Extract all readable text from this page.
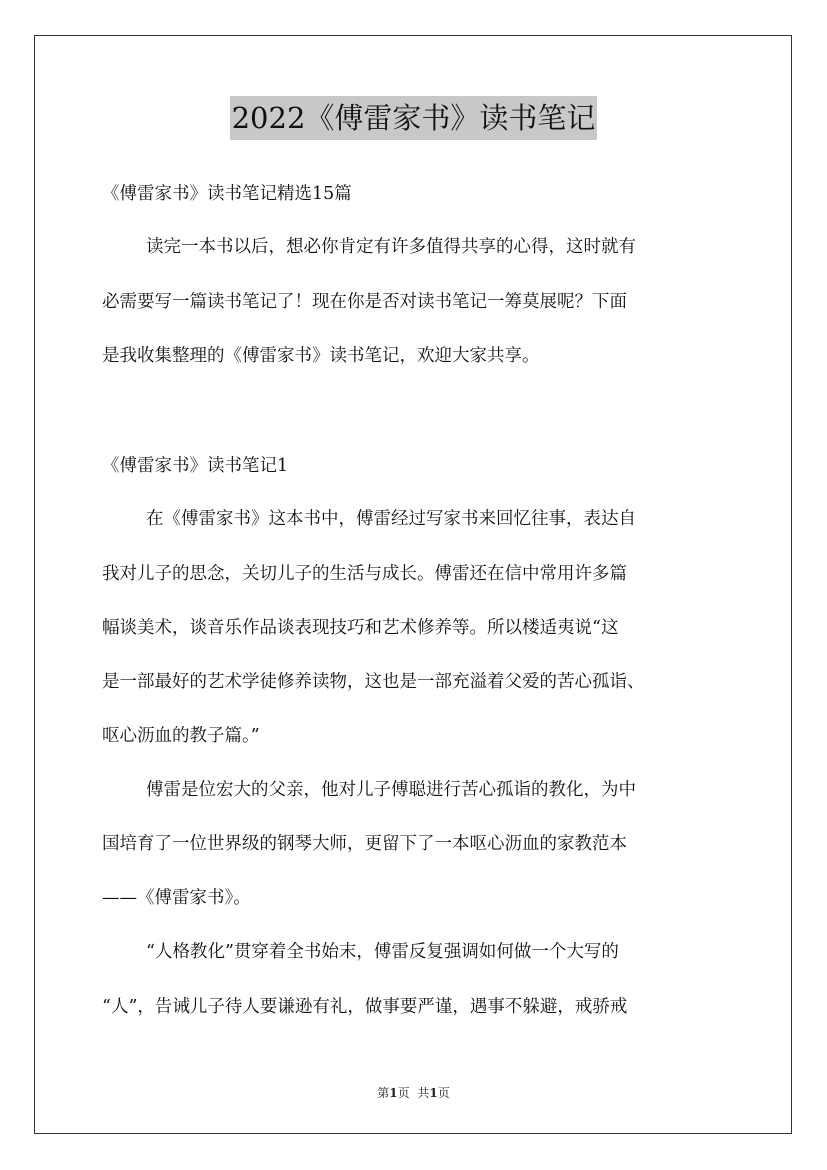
2022《傅雷家书》读书笔记
《傅雷家书》读书笔记精选15篇
读完一本书以后，想必你肯定有许多值得共享的心得，这时就有
必需要写一篇读书笔记了！现在你是否对读书笔记一筹莫展呢？下面
是我收集整理的《傅雷家书》读书笔记，欢迎大家共享。
《傅雷家书》读书笔记1
在《傅雷家书》这本书中，傅雷经过写家书来回忆往事，表达自
我对儿子的思念，关切儿子的生活与成长。傅雷还在信中常用许多篇
幅谈美术，谈音乐作品谈表现技巧和艺术修养等。所以楼适夷说“这
是一部最好的艺术学徒修养读物，这也是一部充溢着父爱的苦心孤诣、
呕心沥血的教子篇。”
傅雷是位宏大的父亲，他对儿子傅聪进行苦心孤诣的教化，为中
国培育了一位世界级的钢琴大师，更留下了一本呕心沥血的家教范本
——《傅雷家书》。
“人格教化”贯穿着全书始末，傅雷反复强调如何做一个大写的
“人”，告诫儿子待人要谦逊有礼，做事要严谨，遇事不躲避，戒骄戒
第1页 共1页
